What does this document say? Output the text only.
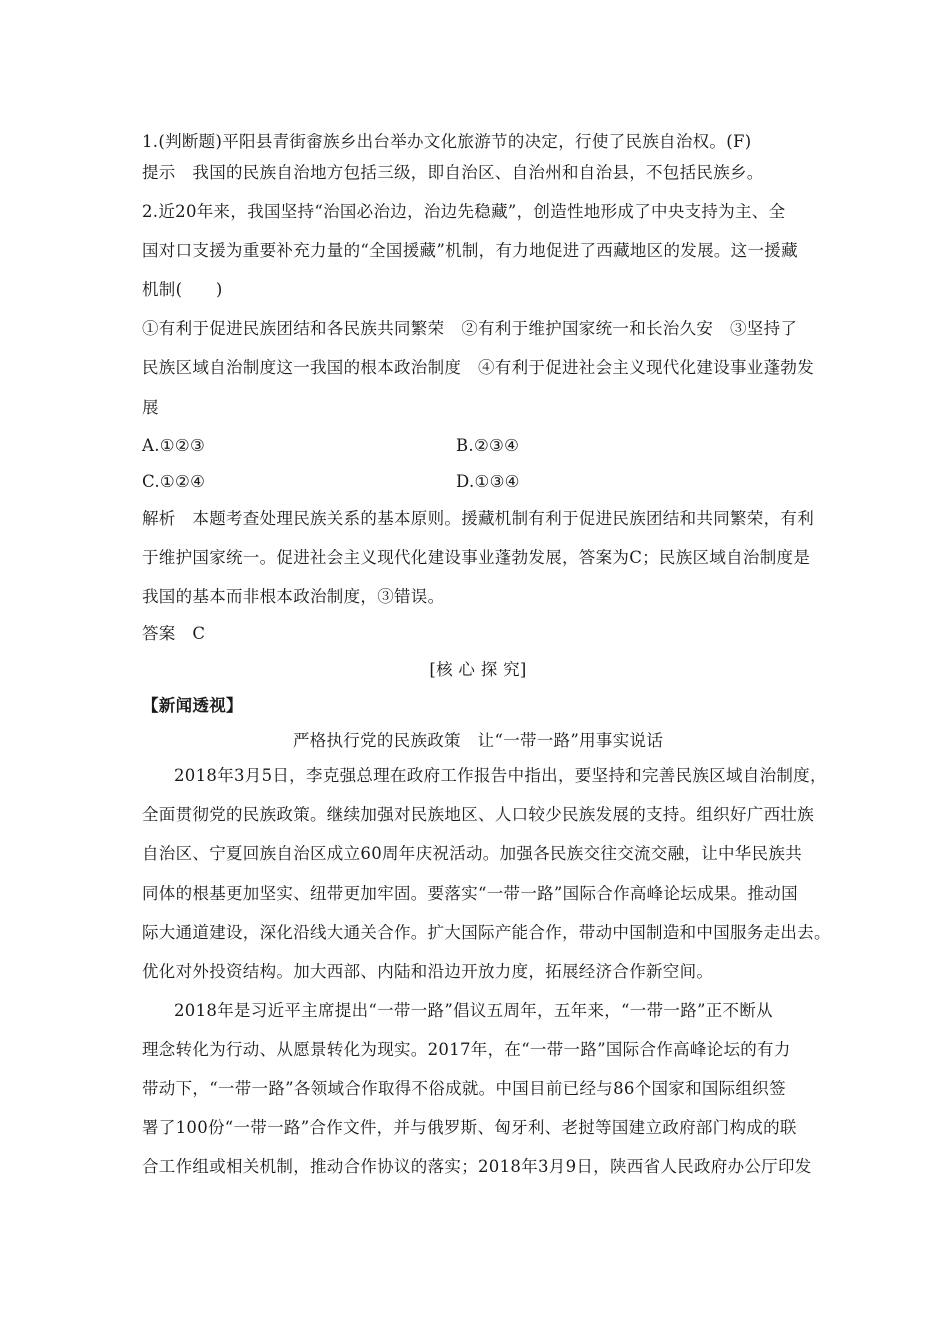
1.(判断题)平阳县青街畲族乡出台举办文化旅游节的决定，行使了民族自治权。(F)
提示　我国的民族自治地方包括三级，即自治区、自治州和自治县，不包括民族乡。
2.近20年来，我国坚持“治国必治边，治边先稳藏”，创造性地形成了中央支持为主、全
国对口支援为重要补充力量的“全国援藏”机制，有力地促进了西藏地区的发展。这一援藏
机制(　　)
①有利于促进民族团结和各民族共同繁荣　②有利于维护国家统一和长治久安　③坚持了
民族区域自治制度这一我国的根本政治制度　④有利于促进社会主义现代化建设事业蓬勃发
展
A.①②③	B.②③④
C.①②④	D.①③④
解析　本题考查处理民族关系的基本原则。援藏机制有利于促进民族团结和共同繁荣，有利
于维护国家统一。促进社会主义现代化建设事业蓬勃发展，答案为C；民族区域自治制度是
我国的基本而非根本政治制度，③错误。
答案　C
[核 心 探 究]
【新闻透视】
严格执行党的民族政策　让“一带一路”用事实说话
2018年3月5日，李克强总理在政府工作报告中指出，要坚持和完善民族区域自治制度，
全面贯彻党的民族政策。继续加强对民族地区、人口较少民族发展的支持。组织好广西壮族
自治区、宁夏回族自治区成立60周年庆祝活动。加强各民族交往交流交融，让中华民族共
同体的根基更加坚实、纽带更加牢固。要落实“一带一路”国际合作高峰论坛成果。推动国
际大通道建设，深化沿线大通关合作。扩大国际产能合作，带动中国制造和中国服务走出去。
优化对外投资结构。加大西部、内陆和沿边开放力度，拓展经济合作新空间。
2018年是习近平主席提出“一带一路”倡议五周年，五年来，“一带一路”正不断从
理念转化为行动、从愿景转化为现实。2017年，在“一带一路”国际合作高峰论坛的有力
带动下，“一带一路”各领域合作取得不俗成就。中国目前已经与86个国家和国际组织签
署了100份“一带一路”合作文件，并与俄罗斯、匈牙利、老挝等国建立政府部门构成的联
合工作组或相关机制，推动合作协议的落实；2018年3月9日，陕西省人民政府办公厅印发
